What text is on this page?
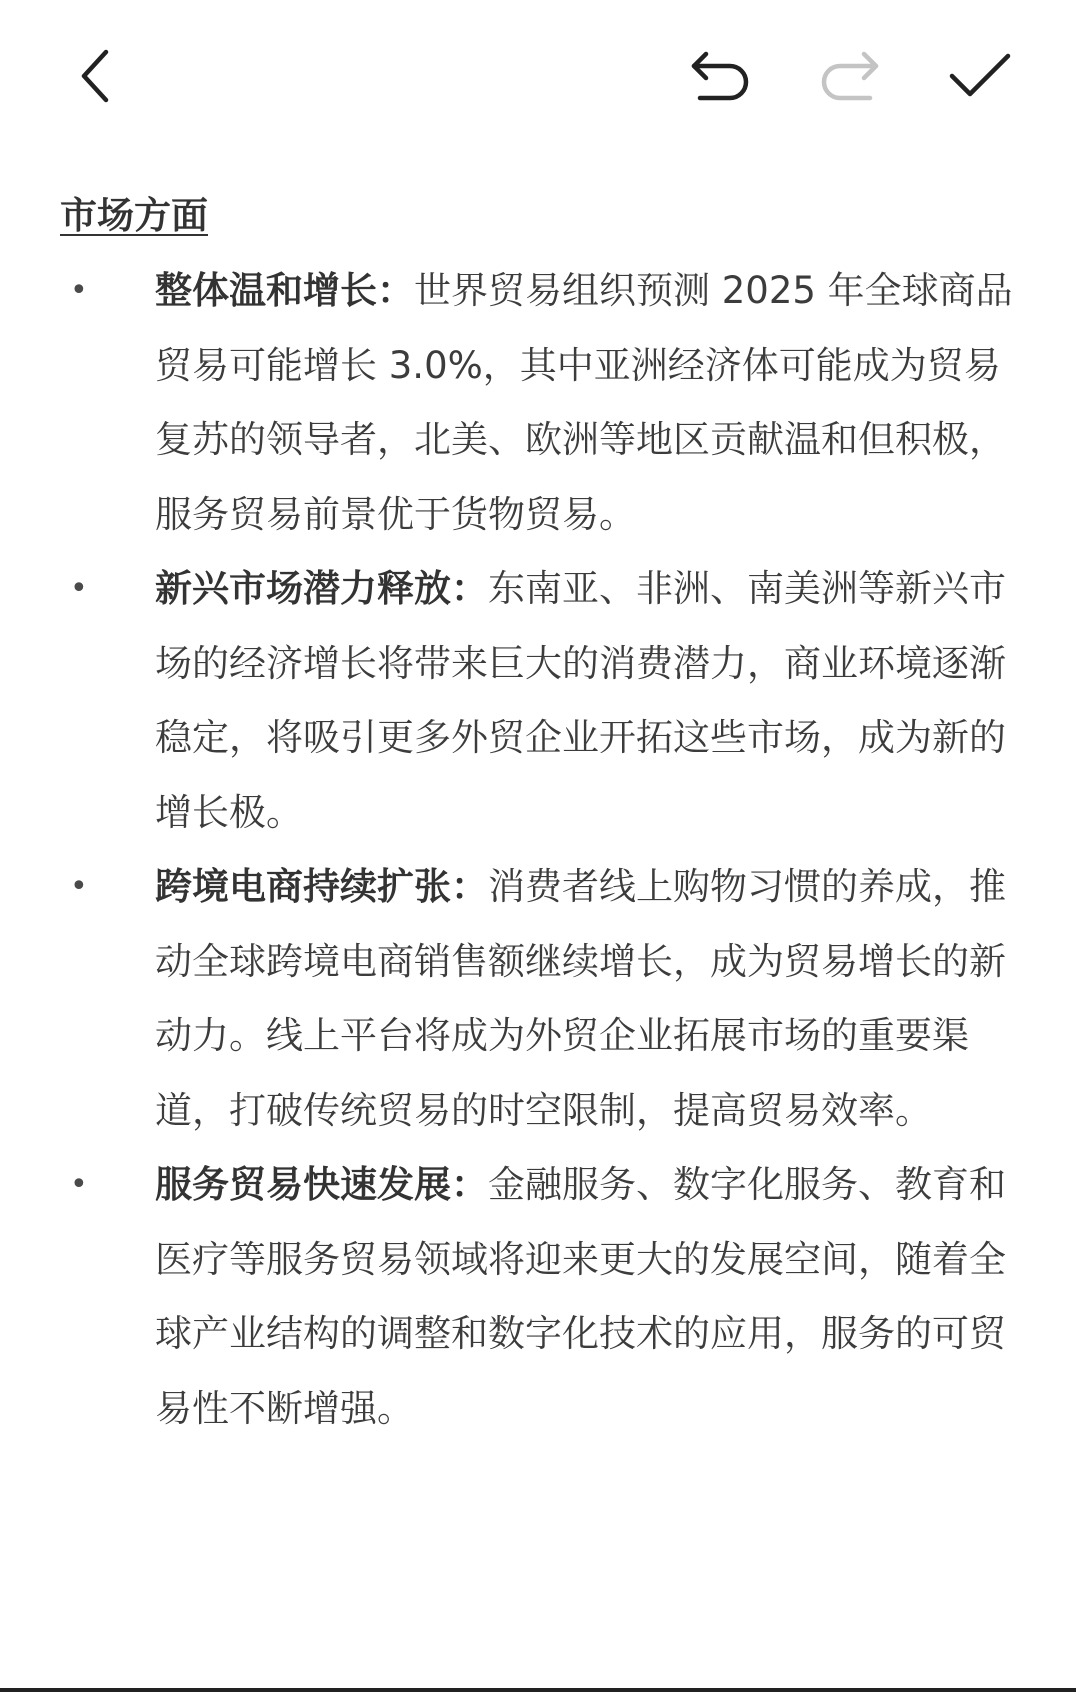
市场方面
• 整体温和增长：世界贸易组织预测 2025 年全球商品贸易可能增长 3.0%，其中亚洲经济体可能成为贸易复苏的领导者，北美、欧洲等地区贡献温和但积极，服务贸易前景优于货物贸易。
• 新兴市场潜力释放：东南亚、非洲、南美洲等新兴市场的经济增长将带来巨大的消费潜力，商业环境逐渐稳定，将吸引更多外贸企业开拓这些市场，成为新的增长极。
• 跨境电商持续扩张：消费者线上购物习惯的养成，推动全球跨境电商销售额继续增长，成为贸易增长的新动力。线上平台将成为外贸企业拓展市场的重要渠道，打破传统贸易的时空限制，提高贸易效率。
• 服务贸易快速发展：金融服务、数字化服务、教育和医疗等服务贸易领域将迎来更大的发展空间，随着全球产业结构的调整和数字化技术的应用，服务的可贸易性不断增强。
